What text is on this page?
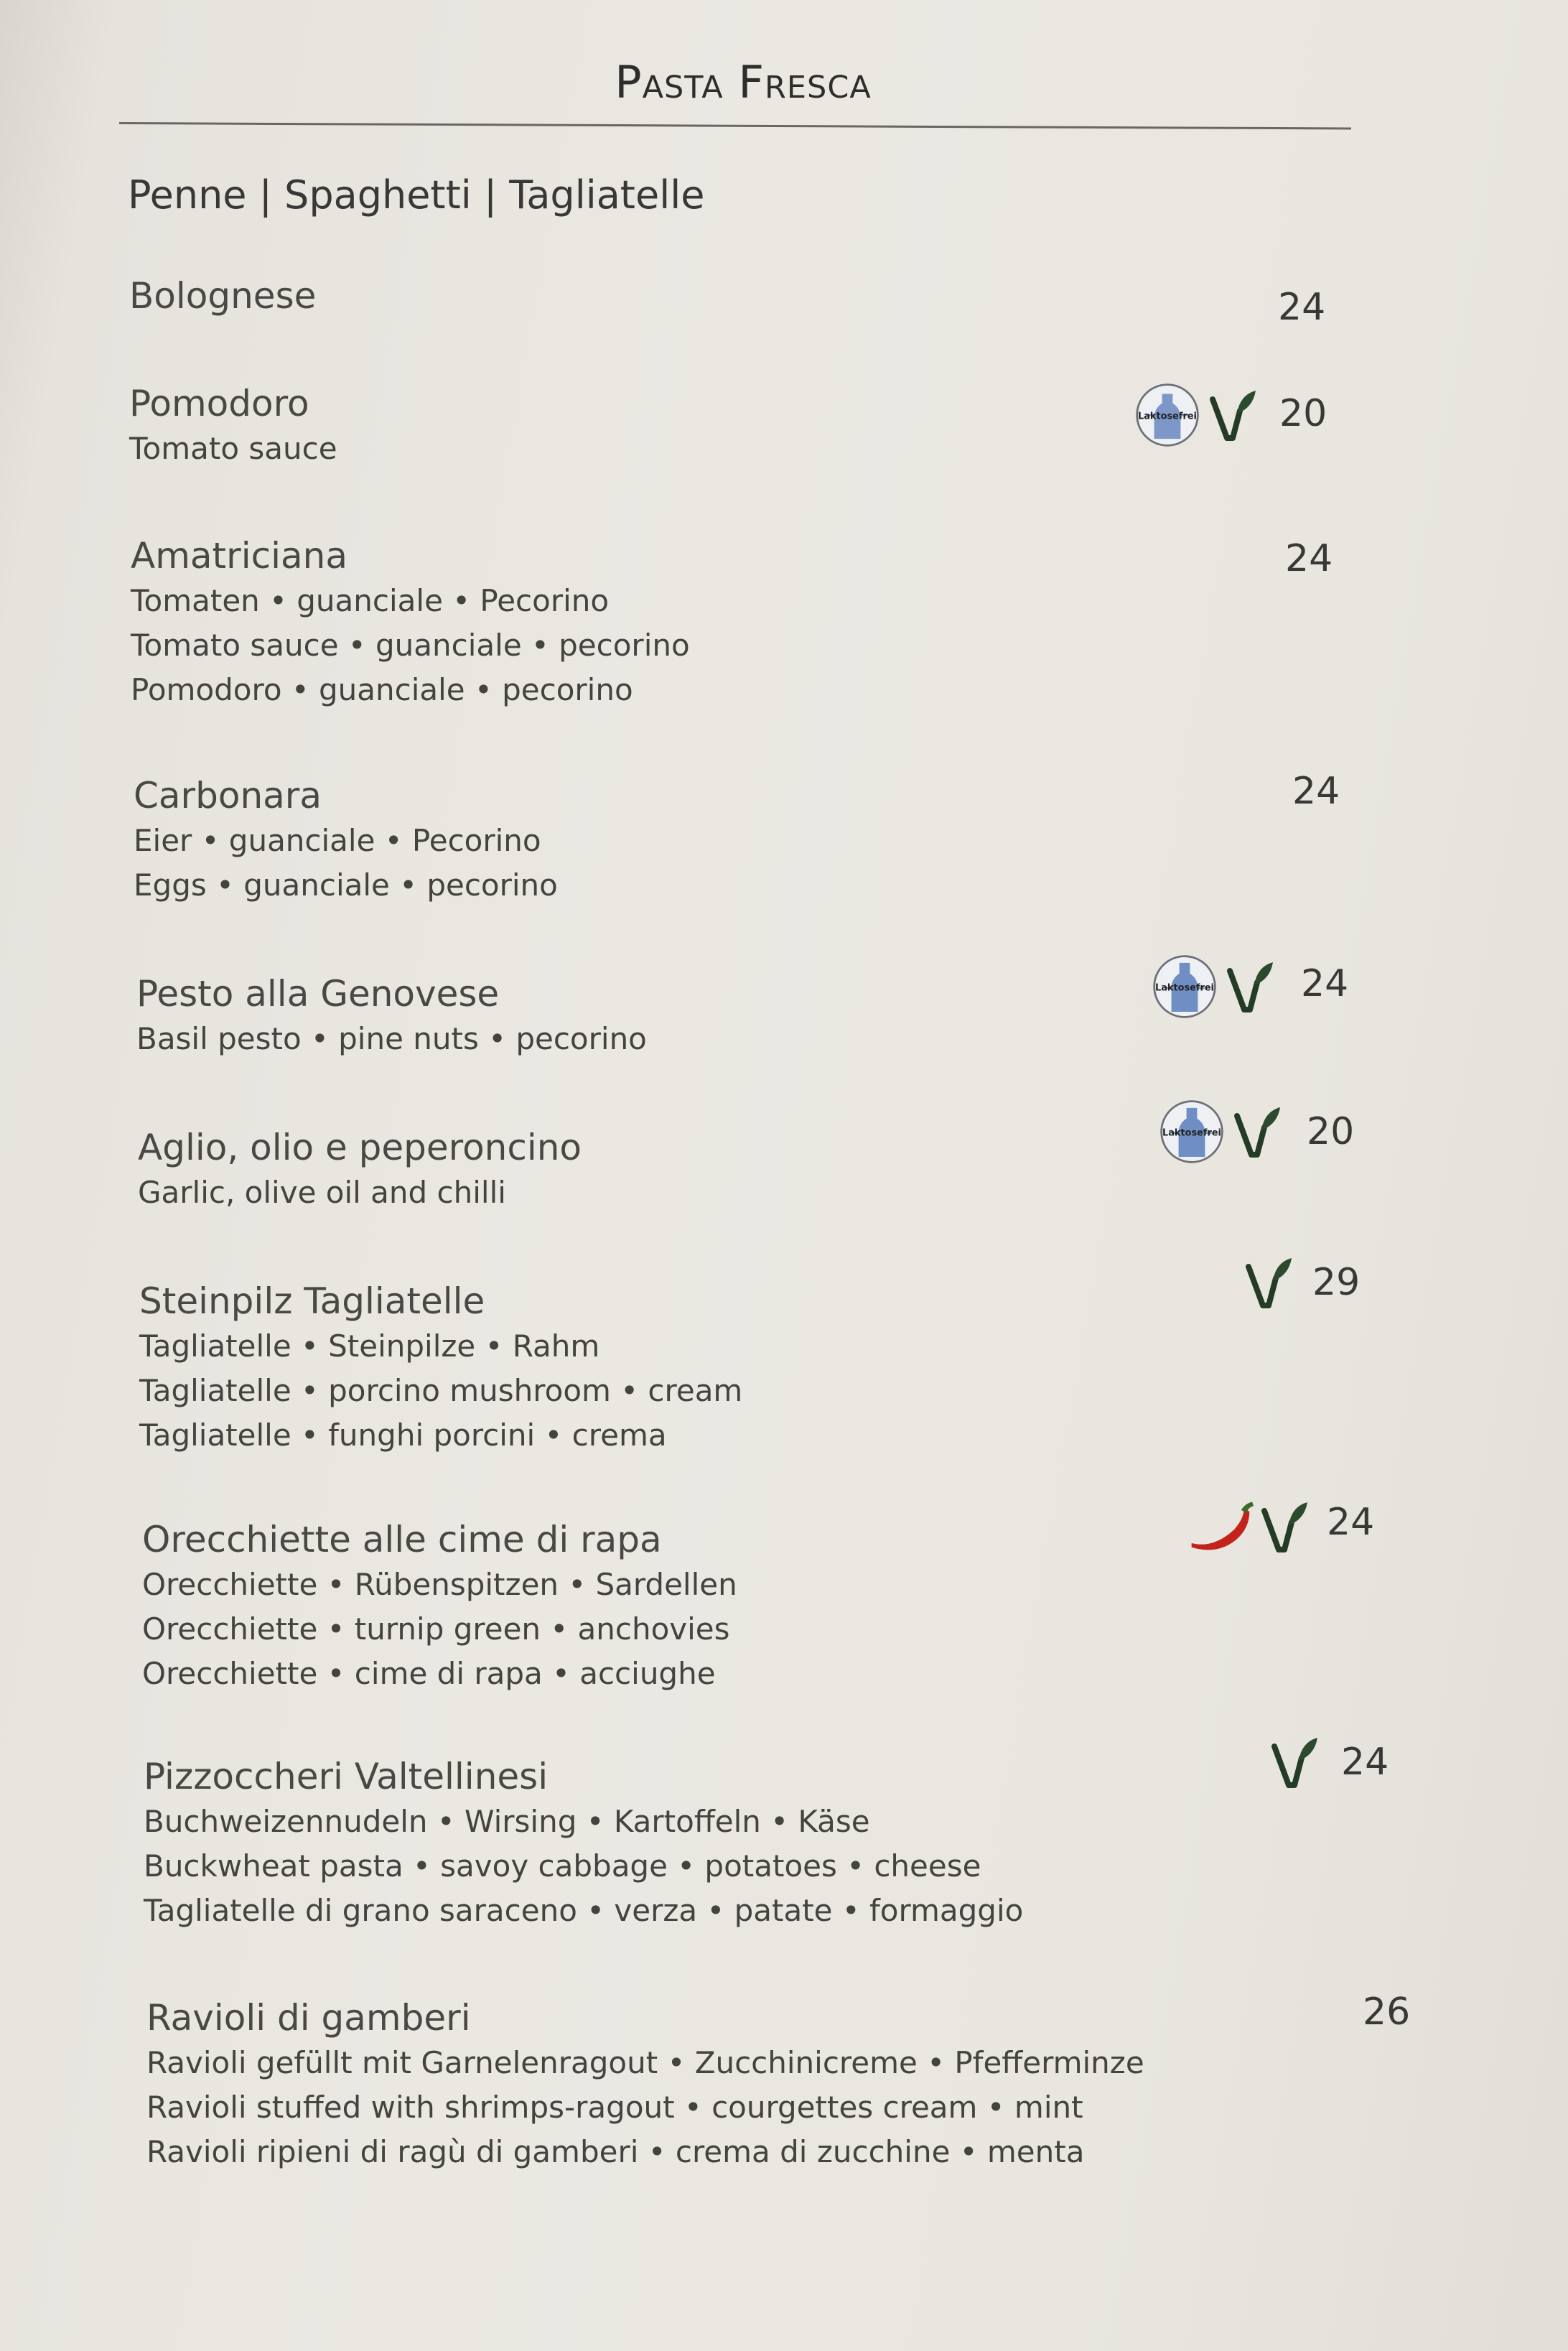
Pasta Fresca
Penne | Spaghetti | Tagliatelle
Bolognese	24
Pomodoro
Tomato sauce
Laktosefrei 20
Amatriciana
Tomaten • guanciale • Pecorino
Tomato sauce • guanciale • pecorino
Pomodoro • guanciale • pecorino
24
Carbonara
Eier • guanciale • Pecorino
Eggs • guanciale • pecorino
24
Pesto alla Genovese
Basil pesto • pine nuts • pecorino
Laktosefrei 24
Aglio, olio e peperoncino
Garlic, olive oil and chilli
Laktosefrei 20
Steinpilz Tagliatelle
Tagliatelle • Steinpilze • Rahm
Tagliatelle • porcino mushroom • cream
Tagliatelle • funghi porcini • crema
29
Orecchiette alle cime di rapa
Orecchiette • Rübenspitzen • Sardellen
Orecchiette • turnip green • anchovies
Orecchiette • cime di rapa • acciughe
24
Pizzoccheri Valtellinesi
Buchweizennudeln • Wirsing • Kartoffeln • Käse
Buckwheat pasta • savoy cabbage • potatoes • cheese
Tagliatelle di grano saraceno • verza • patate • formaggio
24
Ravioli di gamberi
Ravioli gefüllt mit Garnelenragout • Zucchinicreme • Pfefferminze
Ravioli stuffed with shrimps-ragout • courgettes cream • mint
Ravioli ripieni di ragù di gamberi • crema di zucchine • menta
26
